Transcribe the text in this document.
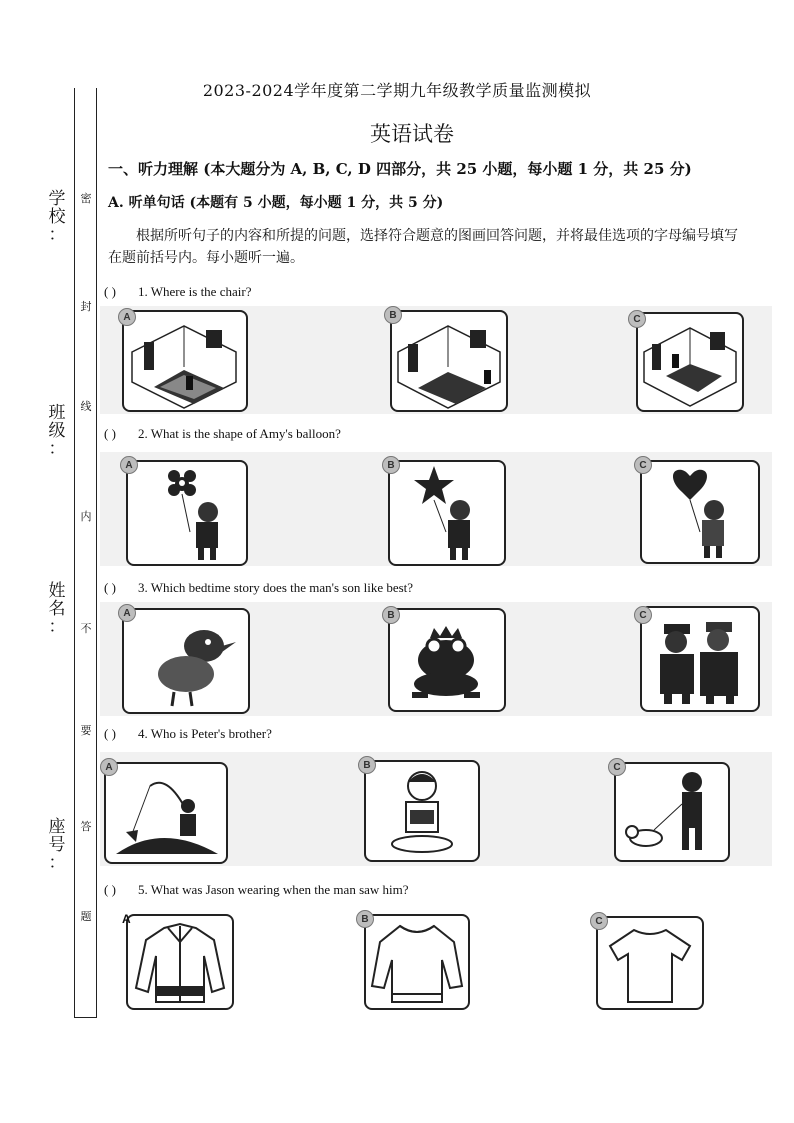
密
封
线
内
不
要
答
题
学校
：
班级
：
姓名
：
座号
：
2023-2024学年度第二学期九年级教学质量监测模拟
英语试卷
一、听力理解 (本大题分为 A, B, C, D 四部分，共 25 小题，每小题 1 分，共 25 分)
A. 听单句话 (本题有 5 小题，每小题 1 分，共 5 分)
根据所听句子的内容和所提的问题，选择符合题意的图画回答问题，并将最佳选项的字母编号填写在题前括号内。每小题听一遍。
( ) 1. Where is the chair?
A	B	C
( ) 2. What is the shape of Amy's balloon?
A	B	C
( ) 3. Which bedtime story does the man's son like best?
A	B	C
( ) 4. Who is Peter's brother?
A	B	C
( ) 5. What was Jason wearing when the man saw him?
A	B	C
